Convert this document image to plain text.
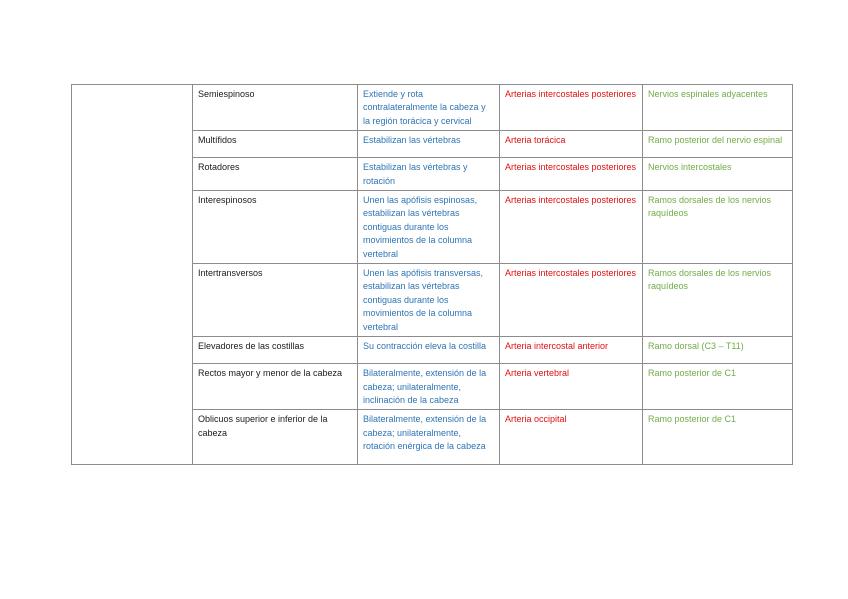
	Semiespinoso	Extiende y rota contralateralmente la cabeza y la región torácica y cervical	Arterias intercostales posteriores	Nervios espinales adyacentes
	Multífidos	Estabilizan las vértebras	Arteria torácica	Ramo posterior del nervio espinal
	Rotadores	Estabilizan las vértebras y rotación	Arterias intercostales posteriores	Nervios intercostales
	Interespinosos	Unen las apófisis espinosas, estabilizan las vértebras contiguas durante los movimientos de la columna vertebral	Arterias intercostales posteriores	Ramos dorsales de los nervios raquídeos
	Intertransversos	Unen las apófisis transversas, estabilizan las vértebras contiguas durante los movimientos de la columna vertebral	Arterias intercostales posteriores	Ramos dorsales de los nervios raquídeos
	Elevadores de las costillas	Su contracción eleva la costilla	Arteria intercostal anterior	Ramo dorsal (C3 – T11)
	Rectos mayor y menor de la cabeza	Bilateralmente, extensión de la cabeza; unilateralmente, inclinación de la cabeza	Arteria vertebral	Ramo posterior de C1
	Oblicuos superior e inferior de la cabeza	Bilateralmente, extensión de la cabeza; unilateralmente, rotación enérgica de la cabeza	Arteria occipital	Ramo posterior de C1
